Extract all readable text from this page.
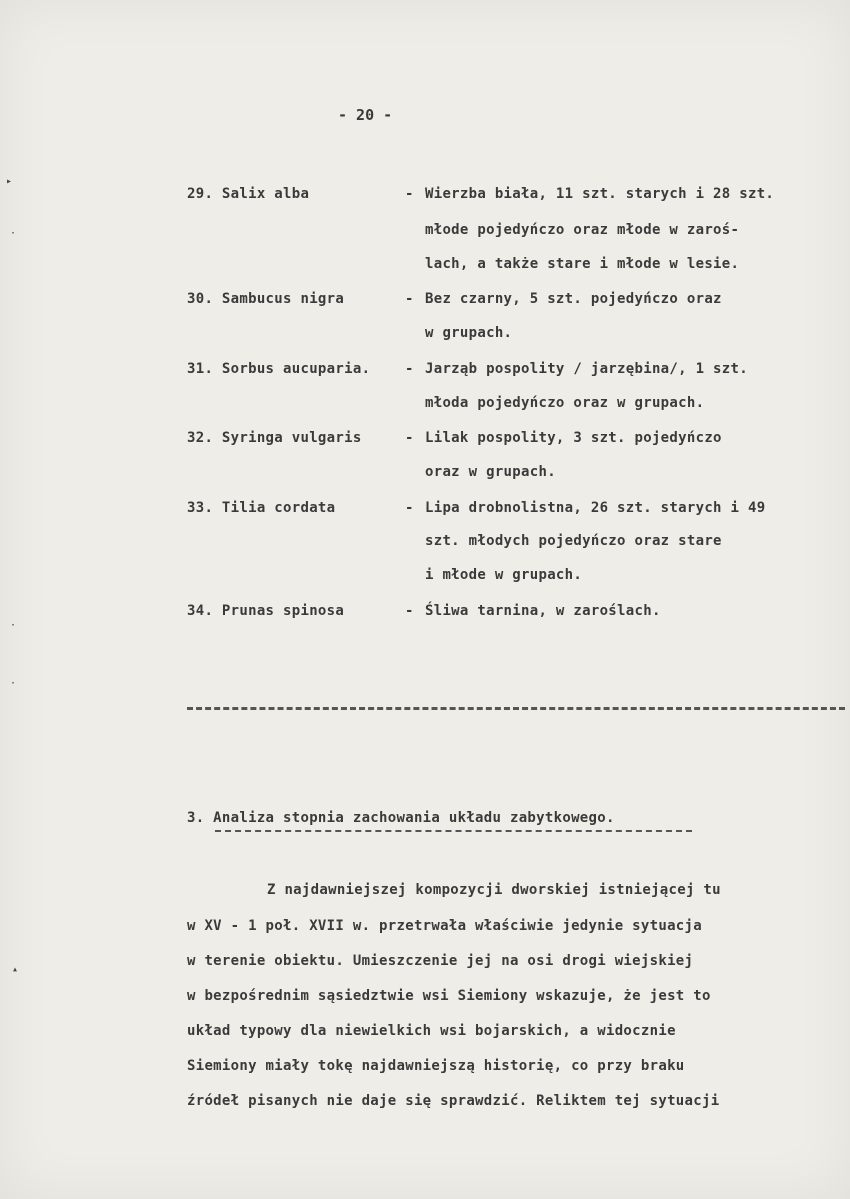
- 20 -
29. Salix alba	- Wierzba biała, 11 szt. starych i 28 szt.
młode pojedyńczo oraz młode w zaroś-
lach, a także stare i młode w lesie.
30. Sambucus nigra	- Bez czarny, 5 szt. pojedyńczo oraz
w grupach.
31. Sorbus aucuparia. - Jarząb pospolity / jarzębina/, 1 szt.
młoda pojedyńczo oraz w grupach.
32. Syringa vulgaris	- Lilak pospolity, 3 szt. pojedyńczo
oraz w grupach.
33. Tilia cordata	- Lipa drobnolistna, 26 szt. starych i 49
szt. młodych pojedyńczo oraz stare
i młode w grupach.
34. Prunas spinosa	- Śliwa tarnina, w zaroślach.
3. Analiza stopnia zachowania układu zabytkowego.
Z najdawniejszej kompozycji dworskiej istniejącej tu
w XV - 1 poł. XVII w. przetrwała właściwie jedynie sytuacja
w terenie obiektu. Umieszczenie jej na osi drogi wiejskiej
w bezpośrednim sąsiedztwie wsi Siemiony wskazuje, że jest to
układ typowy dla niewielkich wsi bojarskich, a widocznie
Siemiony miały tokę najdawniejszą historię, co przy braku
źródeł pisanych nie daje się sprawdzić. Reliktem tej sytuacji
▸
·
·
·
▴
